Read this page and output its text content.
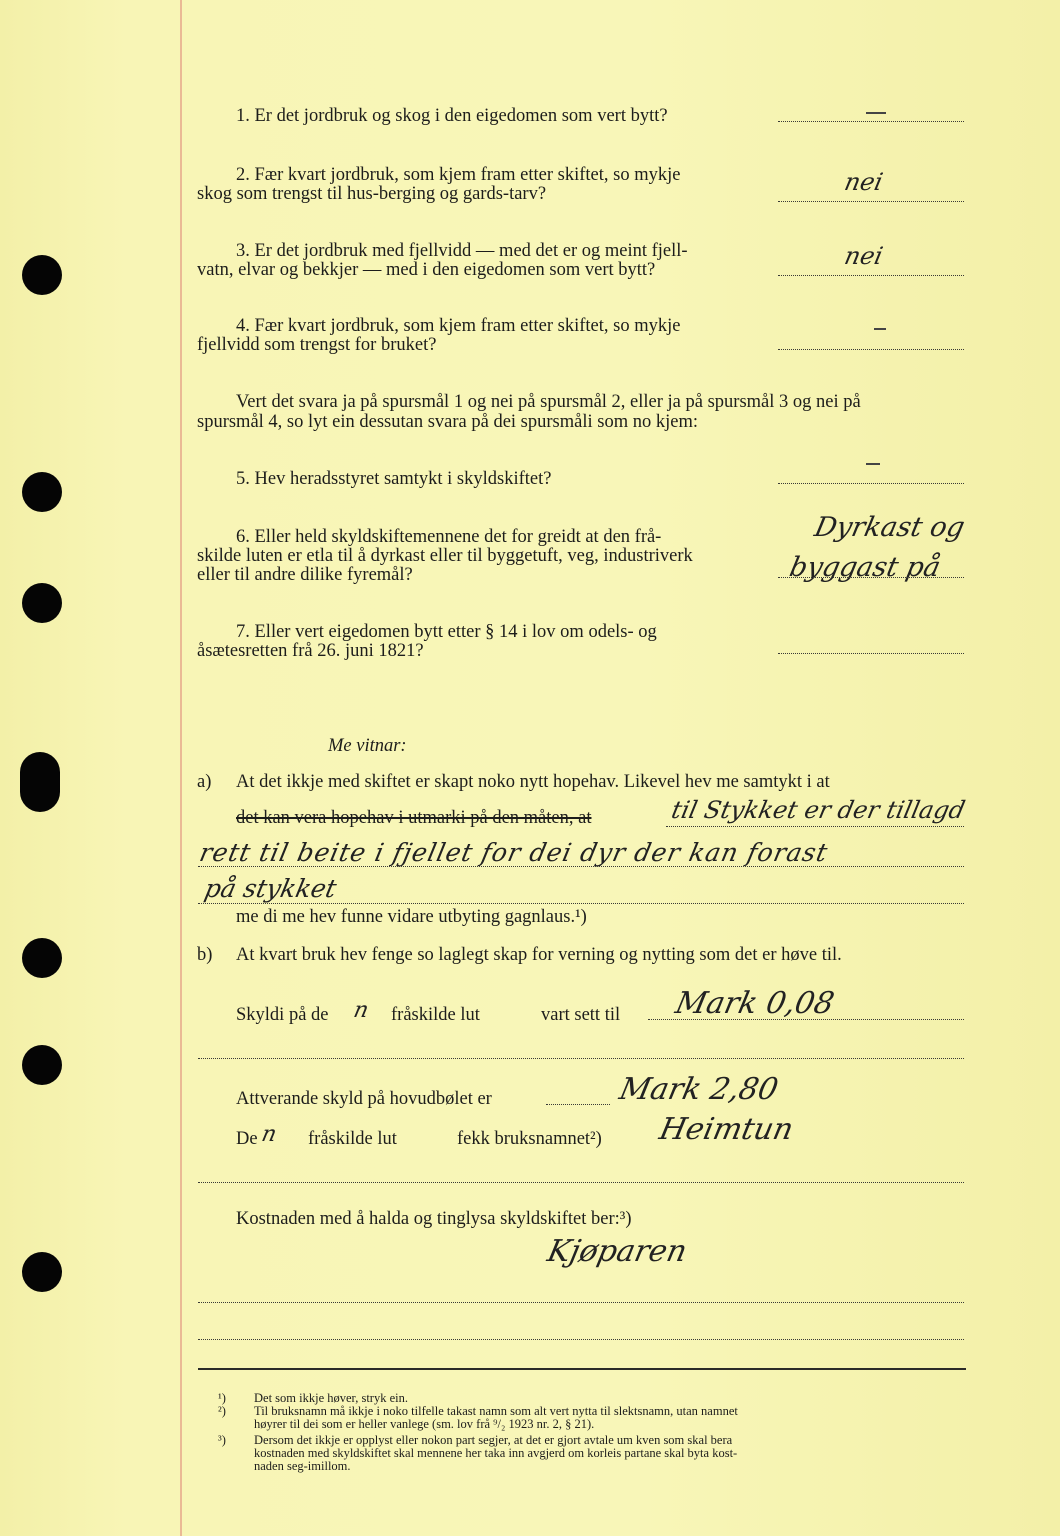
1. Er det jordbruk og skog i den eigedomen som vert bytt?
2. Fær kvart jordbruk, som kjem fram etter skiftet, so mykje
skog som trengst til hus-berging og gards-tarv?	nei
3. Er det jordbruk med fjellvidd — med det er og meint fjell-
vatn, elvar og bekkjer — med i den eigedomen som vert bytt?	nei
4. Fær kvart jordbruk, som kjem fram etter skiftet, so mykje
fjellvidd som trengst for bruket?
Vert det svara ja på spursmål 1 og nei på spursmål 2, eller ja på spursmål 3 og nei på
spursmål 4, so lyt ein dessutan svara på dei spursmåli som no kjem:
5. Hev heradsstyret samtykt i skyldskiftet?
6. Eller held skyldskiftemennene det for greidt at den frå-
skilde luten er etla til å dyrkast eller til byggetuft, veg, industriverk
eller til andre dilike fyremål?
Dyrkast og
byggast på
7. Eller vert eigedomen bytt etter § 14 i lov om odels- og
åsætesretten frå 26. juni 1821?
Me vitnar:
a) At det ikkje med skiftet er skapt noko nytt hopehav. Likevel hev me samtykt i at
det kan vera hopehav i utmarki på den måten, at	til Stykket er der tillagd
rett til beite i fjellet for dei dyr der kan forast
på stykket
me di me hev funne vidare utbyting gagnlaus.¹)
b) At kvart bruk hev fenge so laglegt skap for verning og nytting som det er høve til.
Skyldi på de n fråskilde lut	vart sett til Mark 0,08
Attverande skyld på hovudbølet er	Mark 2,80
De n fråskilde lut	fekk bruksnamnet²) Heimtun
Kostnaden med å halda og tinglysa skyldskiftet ber:³)
Kjøparen
¹) Det som ikkje høver, stryk ein.
²) Til bruksnamn må ikkje i noko tilfelle takast namn som alt vert nytta til slektsnamn, utan namnet
høyrer til dei som er heller vanlege (sm. lov frå ⁹/₂ 1923 nr. 2, § 21).
³) Dersom det ikkje er opplyst eller nokon part segjer, at det er gjort avtale um kven som skal bera
kostnaden med skyldskiftet skal mennene her taka inn avgjerd om korleis partane skal byta kost-
naden seg-imillom.
